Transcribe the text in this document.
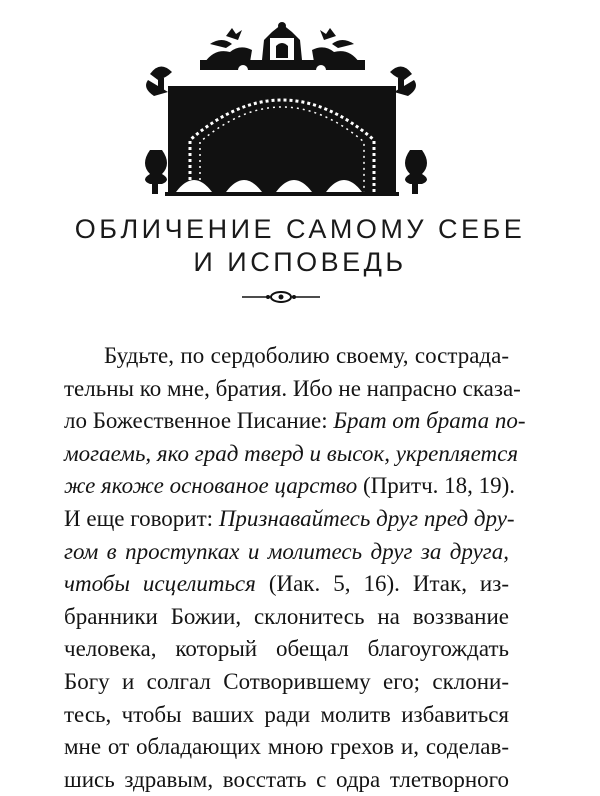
ОБЛИЧЕНИЕ САМОМУ СЕБЕ
И ИСПОВЕДЬ
Будьте, по сердоболию своему, сострада-
тельны ко мне, братия. Ибо не напрасно сказа-
ло Божественное Писание: Брат от брата по-
могаемь, яко град тверд и высок, укрепляется
же якоже основаное царство (Притч. 18, 19).
И еще говорит: Признавайтесь друг пред дру-
гом в проступках и молитесь друг за друга,
чтобы исцелиться (Иак. 5, 16). Итак, из-
бранники Божии, склонитесь на воззвание
человека, который обещал благоугождать
Богу и солгал Сотворившему его; склони-
тесь, чтобы ваших ради молитв избавиться
мне от обладающих мною грехов и, соделав-
шись здравым, восстать с одра тлетворного
